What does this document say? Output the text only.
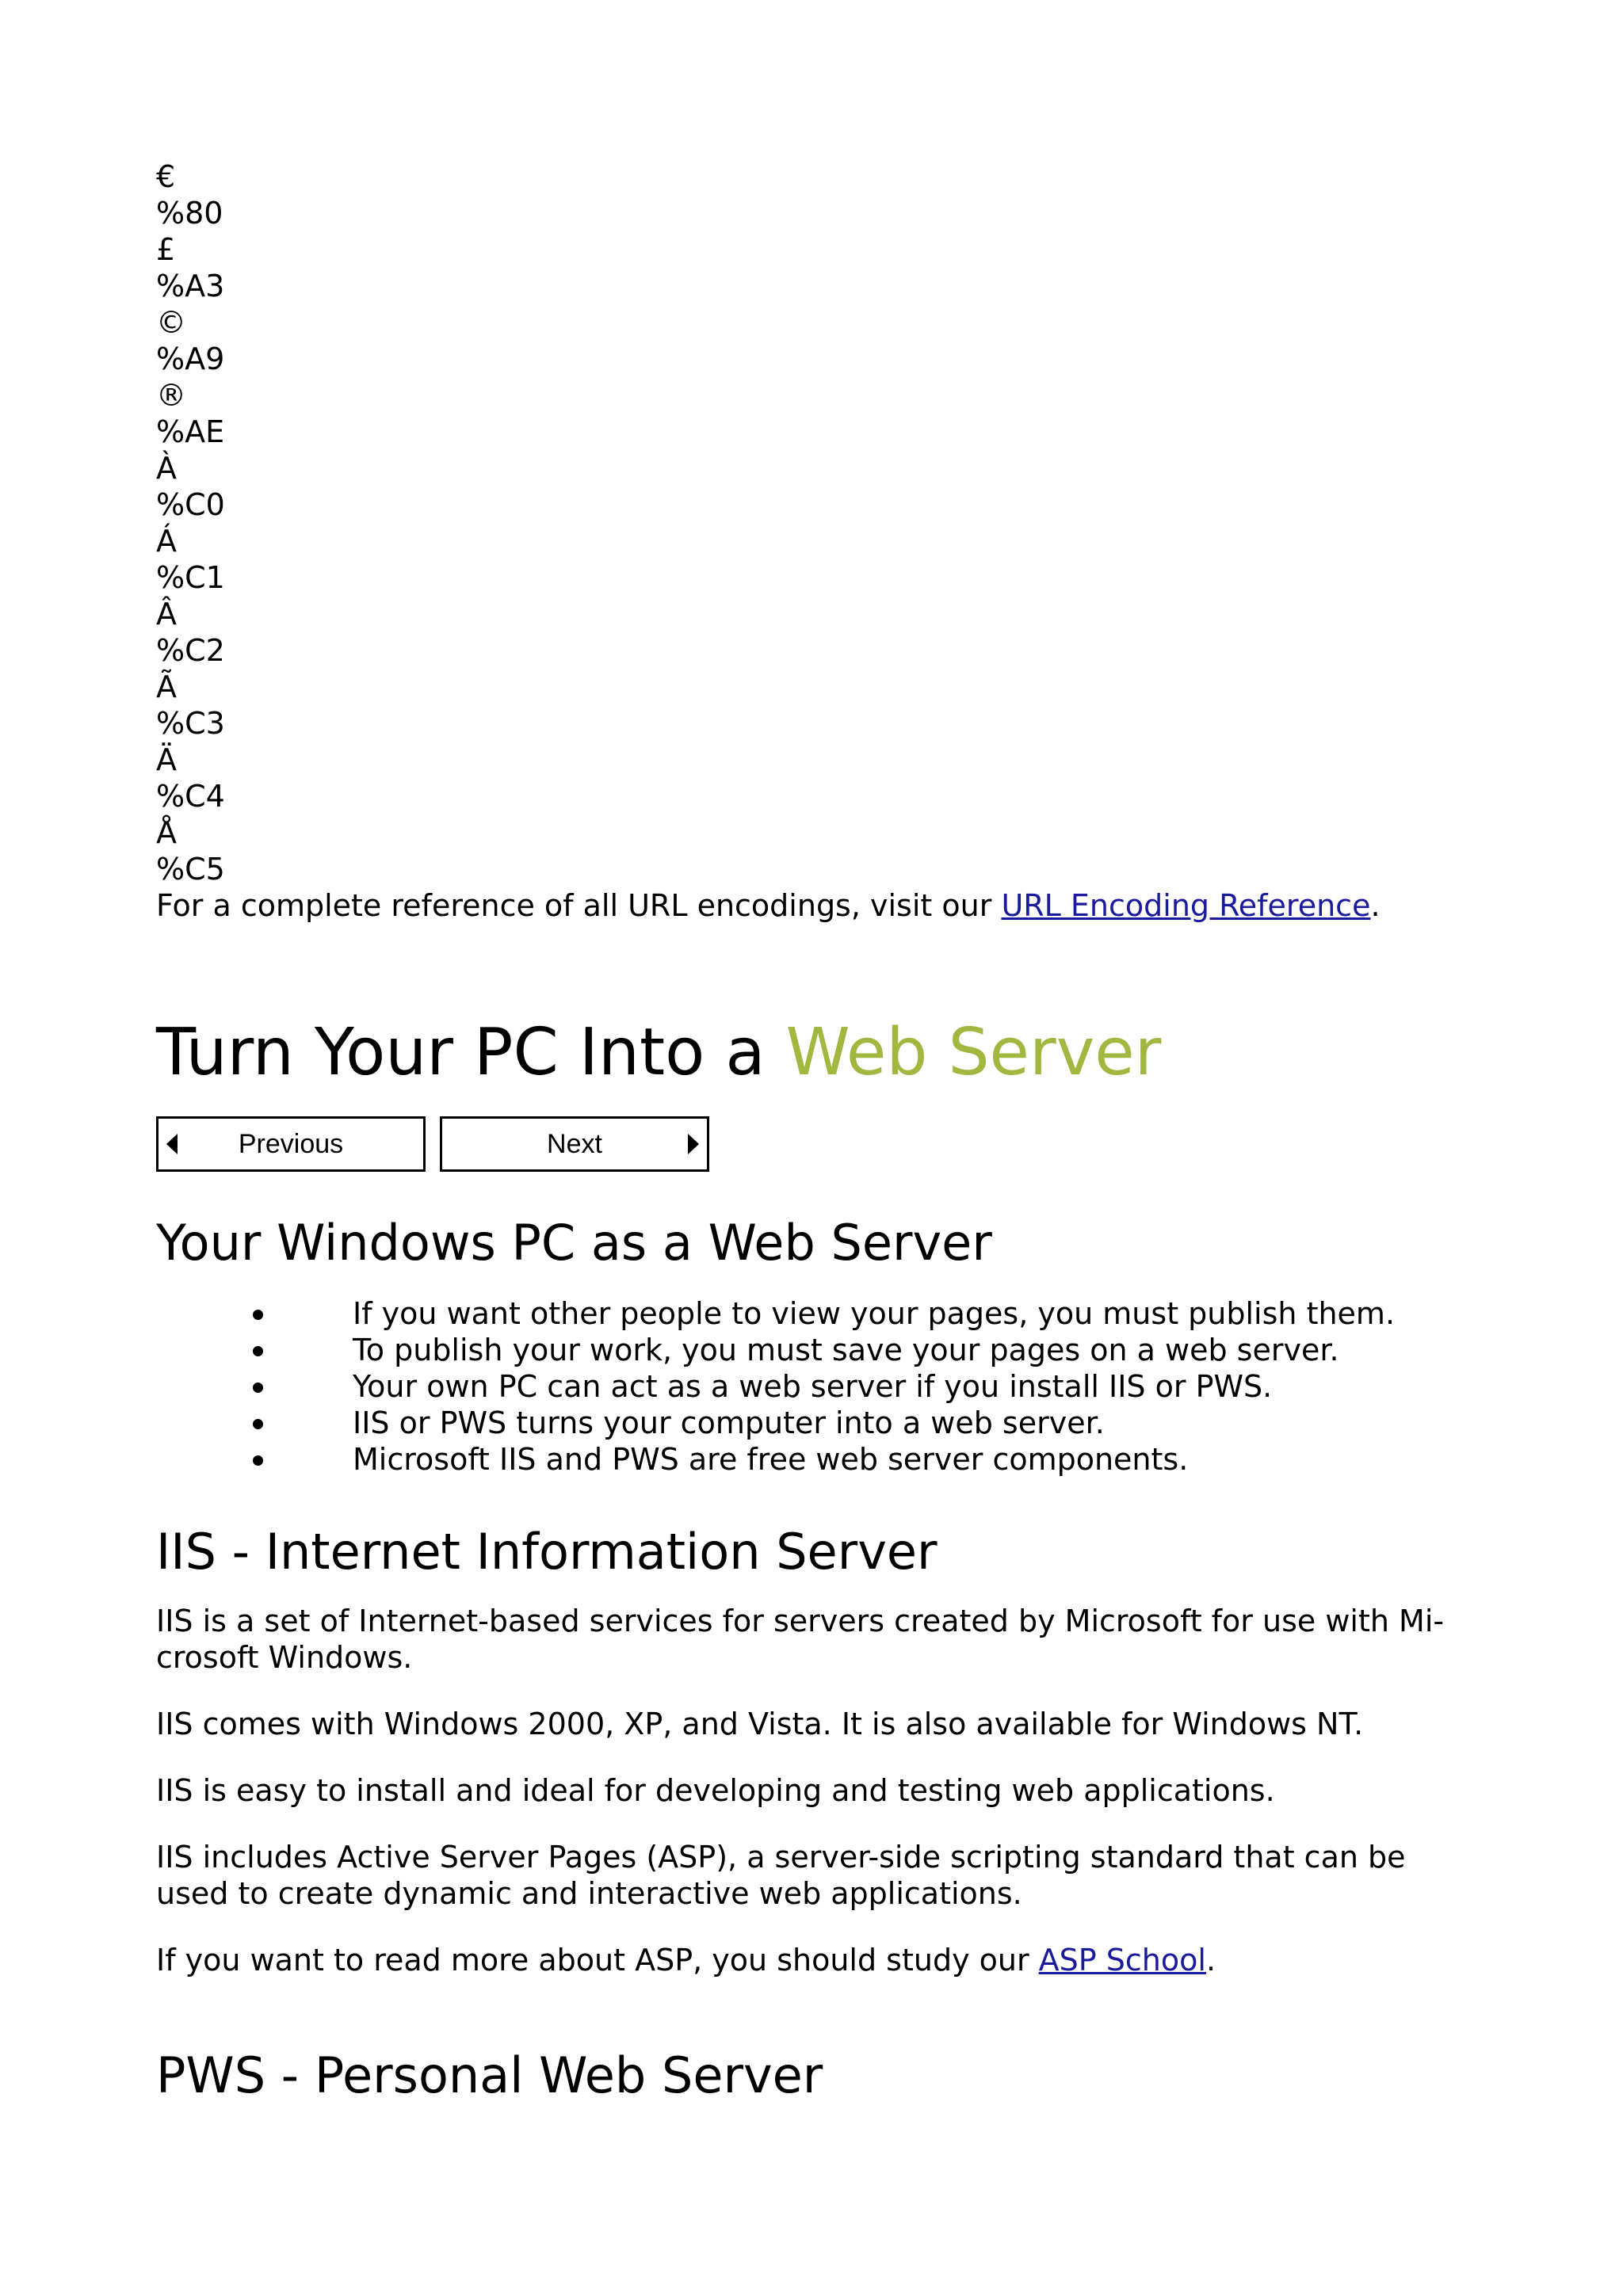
€
%80
£
%A3
©
%A9
®
%AE
À
%C0
Á
%C1
Â
%C2
Ã
%C3
Ä
%C4
Å
%C5

For a complete reference of all URL encodings, visit our URL Encoding Reference.

Turn Your PC Into a Web Server
Previous	Next
Your Windows PC as a Web Server
If you want other people to view your pages, you must publish them.
To publish your work, you must save your pages on a web server.
Your own PC can act as a web server if you install IIS or PWS.
IIS or PWS turns your computer into a web server.
Microsoft IIS and PWS are free web server components.
IIS - Internet Information Server

IIS is a set of Internet-based services for servers created by Microsoft for use with Mi-
crosoft Windows.

IIS comes with Windows 2000, XP, and Vista. It is also available for Windows NT.

IIS is easy to install and ideal for developing and testing web applications.

IIS includes Active Server Pages (ASP), a server-side scripting standard that can be
used to create dynamic and interactive web applications.

If you want to read more about ASP, you should study our ASP School.

PWS - Personal Web Server
